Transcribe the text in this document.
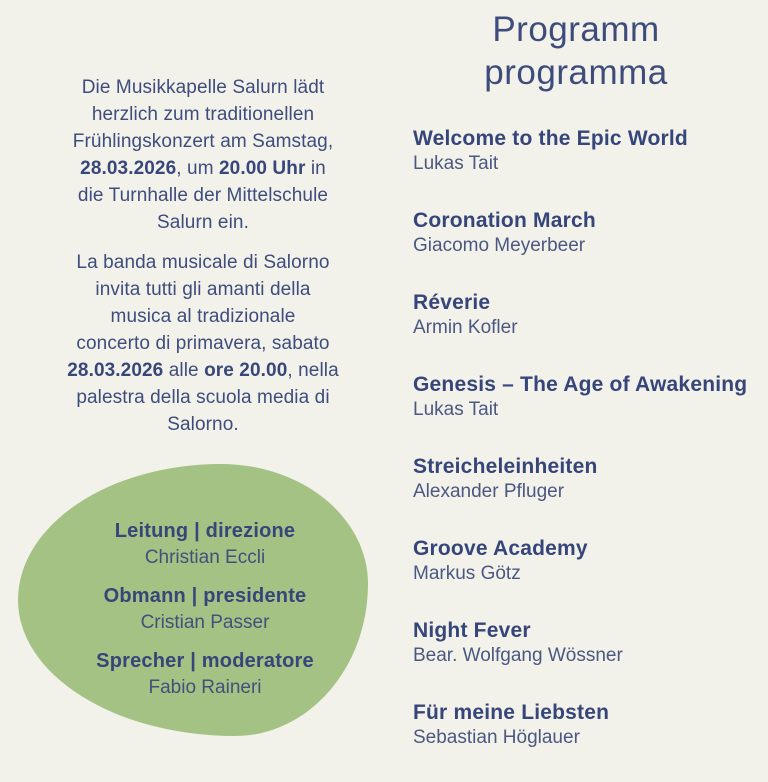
Programm
programma
Die Musikkapelle Salurn lädt
herzlich zum traditionellen
Frühlingskonzert am Samstag,
28.03.2026, um 20.00 Uhr in
die Turnhalle der Mittelschule
Salurn ein.
La banda musicale di Salorno
invita tutti gli amanti della
musica al tradizionale
concerto di primavera, sabato
28.03.2026 alle ore 20.00, nella
palestra della scuola media di
Salorno.
Leitung | direzione
Christian Eccli
Obmann | presidente
Cristian Passer
Sprecher | moderatore
Fabio Raineri
Welcome to the Epic World
Lukas Tait
Coronation March
Giacomo Meyerbeer
Réverie
Armin Kofler
Genesis – The Age of Awakening
Lukas Tait
Streicheleinheiten
Alexander Pfluger
Groove Academy
Markus Götz
Night Fever
Bear. Wolfgang Wössner
Für meine Liebsten
Sebastian Höglauer
